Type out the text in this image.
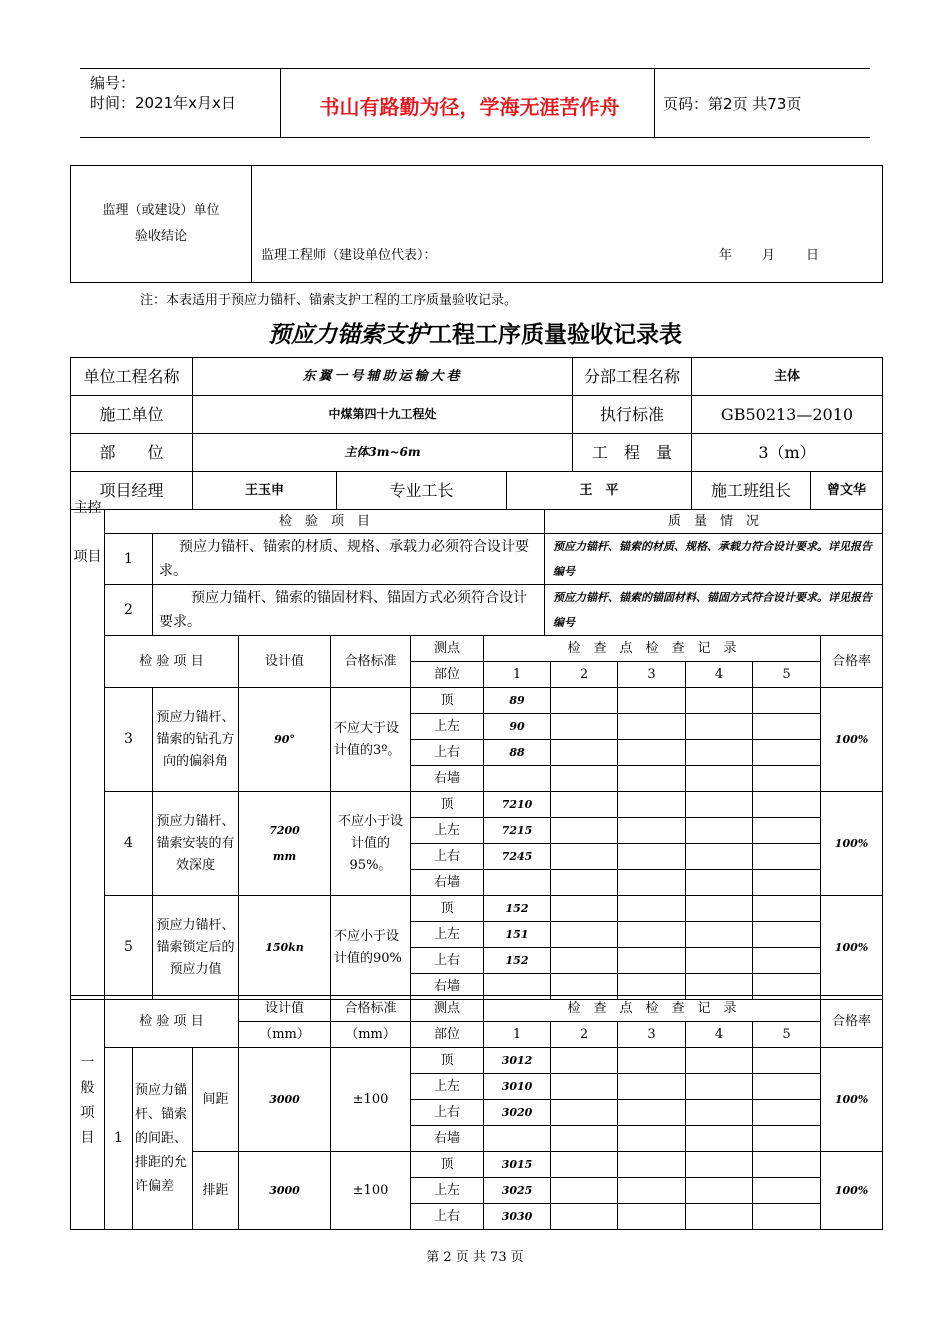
编号：
时间：2021年x月x日	书山有路勤为径，学海无涯苦作舟	页码：第2页 共73页
监理（或建设）单位
验收结论

监理工程师（建设单位代表）：	年 月 日
注：本表适用于预应力锚杆、锚索支护工程的工序质量验收记录。
预应力锚索支护工程工序质量验收记录表
单位工程名称	东翼一号辅助运输大巷			分部工程名称	主体	
施工单位	中煤第四十九工程处			执行标准	GB50213—2010	
部　　位	主体3m~6m			工　程　量	3（m）	
项目经理	王玉申	专业工长	王　平		施工班组长	曾文华
	检　验　项　目		质　量　情　况
	1	预应力锚杆、锚索的材质、规格、承载力必须符合设计要求。	预应力锚杆、锚索的材质、规格、承载力符合设计要求。详见报告编号
	2	预应力锚杆、锚索的锚固材料、锚固方式必须符合设计要求。	预应力锚杆、锚索的锚固材料、锚固方式符合设计要求。详见报告编号
主控项目	检 验 项 目		设计值	合格标准	测点	检　查　点　检　查　记　录					合格率
					部位	1	2	3	4	5	
	3	预应力锚杆、锚索的钻孔方向的偏斜角	90°	不应大于设计值的3º。	顶	89					100%
					上左	90					
					上右	88					
					右墙						
	4	预应力锚杆、锚索安装的有效深度	7200 mm	不应小于设计值的95%。	顶	7210					100%
					上左	7215					
					上右	7245					
					右墙						
	5	预应力锚杆、锚索锁定后的预应力值	150kn	不应小于设计值的90%	顶	152					100%
					上左	151					
					上右	152					
					右墙						
一般项目	检 验 项 目			设计值	合格标准	测点	检　查　点　检　查　记　录					合格率
				（mm）	（mm）	部位	1	2	3	4	5	
	1	预应力锚杆、锚索的间距、排距的允许偏差	间距	3000	±100	顶	3012					100%
						上左	3010					
						上右	3020					
						右墙						
			排距	3000	±100	顶	3015					100%
						上左	3025					
						上右	3030					
第 2 页 共 73 页
